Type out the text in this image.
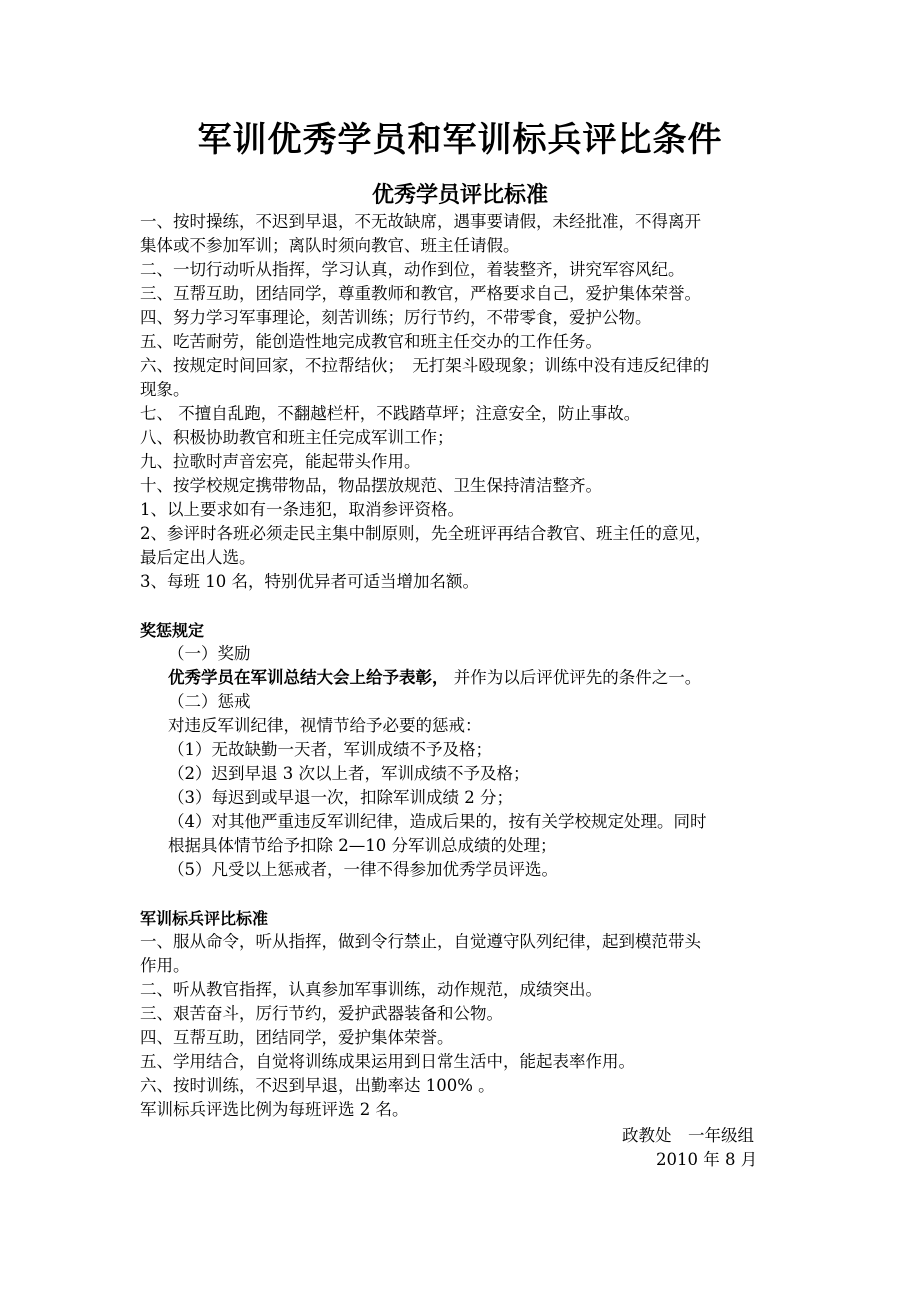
军训优秀学员和军训标兵评比条件
优秀学员评比标准
一、按时操练，不迟到早退，不无故缺席，遇事要请假，未经批准，不得离开
集体或不参加军训；离队时须向教官、班主任请假。
二、一切行动听从指挥，学习认真，动作到位，着装整齐，讲究军容风纪。
三、互帮互助，团结同学，尊重教师和教官，严格要求自己，爱护集体荣誉。
四、努力学习军事理论，刻苦训练；厉行节约，不带零食，爱护公物。
五、吃苦耐劳，能创造性地完成教官和班主任交办的工作任务。
六、按规定时间回家，不拉帮结伙；　无打架斗殴现象；训练中没有违反纪律的
现象。
七、 不擅自乱跑，不翻越栏杆，不践踏草坪；注意安全，防止事故。
八、积极协助教官和班主任完成军训工作；
九、拉歌时声音宏亮，能起带头作用。
十、按学校规定携带物品，物品摆放规范、卫生保持清洁整齐。
1、以上要求如有一条违犯，取消参评资格。
2、参评时各班必须走民主集中制原则，先全班评再结合教官、班主任的意见，
最后定出人选。
3、每班 10 名，特别优异者可适当增加名额。
奖惩规定
（一）奖励
优秀学员在军训总结大会上给予表彰， 并作为以后评优评先的条件之一。
（二）惩戒
对违反军训纪律，视情节给予必要的惩戒：
（1）无故缺勤一天者，军训成绩不予及格；
（2）迟到早退 3 次以上者，军训成绩不予及格；
（3）每迟到或早退一次，扣除军训成绩 2 分；
（4）对其他严重违反军训纪律，造成后果的，按有关学校规定处理。同时
根据具体情节给予扣除 2—10 分军训总成绩的处理；
（5）凡受以上惩戒者，一律不得参加优秀学员评选。
军训标兵评比标准
一、服从命令，听从指挥，做到令行禁止，自觉遵守队列纪律，起到模范带头
作用。
二、听从教官指挥，认真参加军事训练，动作规范，成绩突出。
三、艰苦奋斗，厉行节约，爱护武器装备和公物。
四、互帮互助，团结同学，爱护集体荣誉。
五、学用结合，自觉将训练成果运用到日常生活中，能起表率作用。
六、按时训练，不迟到早退，出勤率达 100% 。
军训标兵评选比例为每班评选 2 名。
政教处　一年级组
2010 年 8 月
